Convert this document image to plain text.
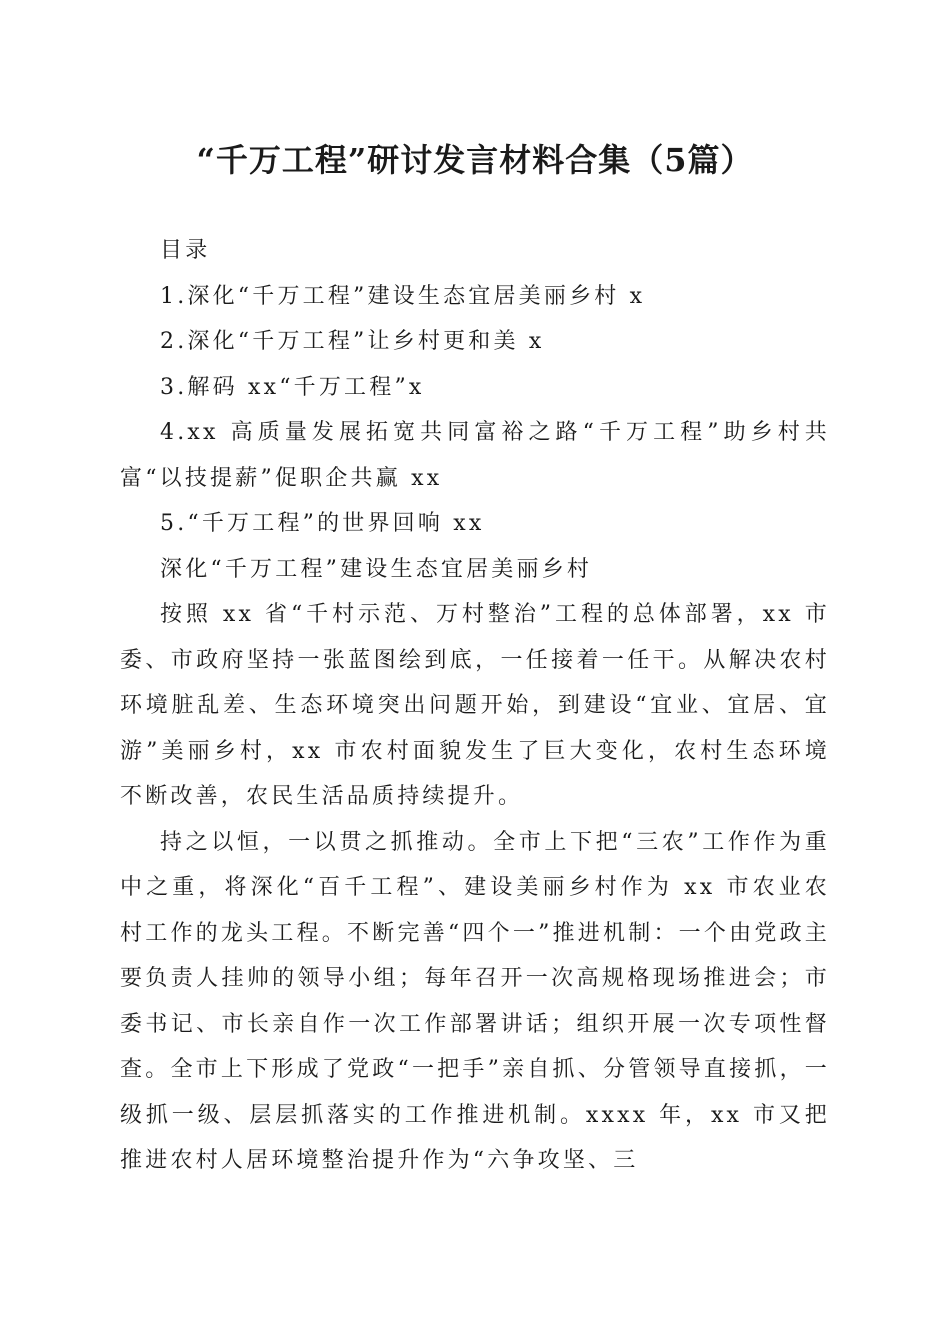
“千万工程”研讨发言材料合集（5篇）

目录

1.深化“千万工程”建设生态宜居美丽乡村 x

2.深化“千万工程”让乡村更和美 x

3.解码 xx“千万工程”x

4.xx 高质量发展拓宽共同富裕之路“千万工程”助乡村共富“以技提薪”促职企共赢 xx

5.“千万工程”的世界回响 xx

深化“千万工程”建设生态宜居美丽乡村

按照 xx 省“千村示范、万村整治”工程的总体部署，xx 市委、市政府坚持一张蓝图绘到底，一任接着一任干。从解决农村环境脏乱差、生态环境突出问题开始，到建设“宜业、宜居、宜游”美丽乡村，xx 市农村面貌发生了巨大变化，农村生态环境不断改善，农民生活品质持续提升。

持之以恒，一以贯之抓推动。全市上下把“三农”工作作为重中之重，将深化“百千工程”、建设美丽乡村作为 xx 市农业农村工作的龙头工程。不断完善“四个一”推进机制：一个由党政主要负责人挂帅的领导小组；每年召开一次高规格现场推进会；市委书记、市长亲自作一次工作部署讲话；组织开展一次专项性督查。全市上下形成了党政“一把手”亲自抓、分管领导直接抓，一级抓一级、层层抓落实的工作推进机制。xxxx 年，xx 市又把推进农村人居环境整治提升作为“六争攻坚、三
